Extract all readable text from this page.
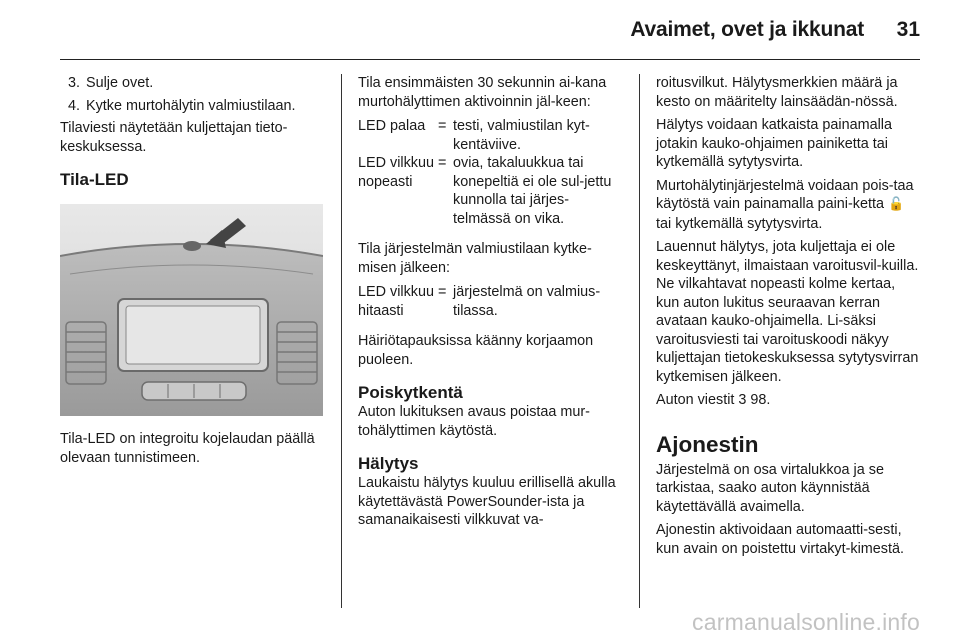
Avaimet, ovet ja ikkunat 31
3. Sulje ovet.
4. Kytke murtohälytin valmiustilaan.

Tilaviesti näytetään kuljettajan tieto-keskuksessa.

Tila-LED

Tila-LED on integroitu kojelaudan päällä olevaan tunnistimeen.

Tila ensimmäisten 30 sekunnin ai-kana murtohälyttimen aktivoinnin jäl-keen:

LED palaa	=	testi, valmiustilan kyt-kentäviive.
LED vilkkuu nopeasti	=	ovia, takaluukkua tai konepeltiä ei ole sul-jettu kunnolla tai järjes-telmässä on vika.

Tila järjestelmän valmiustilaan kytke-misen jälkeen:

LED vilkkuu hitaasti	=	järjestelmä on valmius-tilassa.

Häiriötapauksissa käänny korjaamon puoleen.

Poiskytkentä

Auton lukituksen avaus poistaa mur-tohälyttimen käytöstä.

Hälytys

Laukaistu hälytys kuuluu erillisellä akulla käytettävästä PowerSounder-ista ja samanaikaisesti vilkkuvat va-

roitusvilkut. Hälytysmerkkien määrä ja kesto on määritelty lainsäädän-nössä.

Hälytys voidaan katkaista painamalla jotakin kauko-ohjaimen painiketta tai kytkemällä sytytysvirta.

Murtohälytinjärjestelmä voidaan pois-taa käytöstä vain painamalla paini-ketta 🔓 tai kytkemällä sytytysvirta.

Lauennut hälytys, jota kuljettaja ei ole keskeyttänyt, ilmaistaan varoitusvil-kuilla. Ne vilkahtavat nopeasti kolme kertaa, kun auton lukitus seuraavan kerran avataan kauko-ohjaimella. Li-säksi varoitusviesti tai varoituskoodi näkyy kuljettajan tietokeskuksessa sytytysvirran kytkemisen jälkeen.

Auton viestit 3 98.

Ajonestin

Järjestelmä on osa virtalukkoa ja se tarkistaa, saako auton käynnistää käytettävällä avaimella.

Ajonestin aktivoidaan automaatti-sesti, kun avain on poistettu virtakyt-kimestä.

carmanualsonline.info
